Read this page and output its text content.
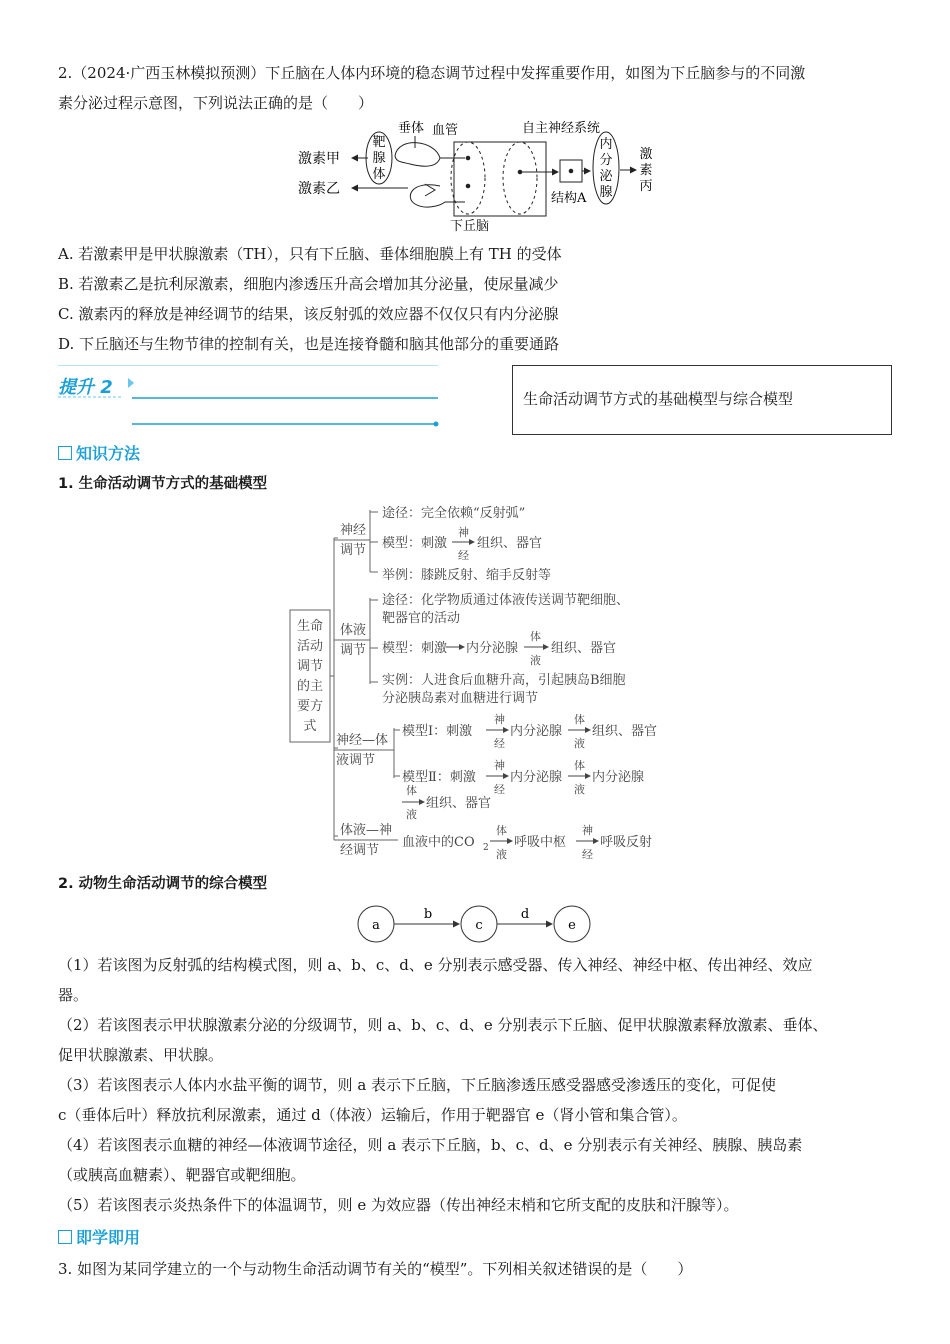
2.（2024·广西玉林模拟预测）下丘脑在人体内环境的稳态调节过程中发挥重要作用，如图为下丘脑参与的不同激
素分泌过程示意图，下列说法正确的是（　　）
激素甲
激素乙
靶
腺
体
垂体 血管	自主神经系统
下丘脑
结构A
内
分
泌
腺
激
素
丙
A. 若激素甲是甲状腺激素（TH），只有下丘脑、垂体细胞膜上有 TH 的受体
B. 若激素乙是抗利尿激素，细胞内渗透压升高会增加其分泌量，使尿量减少
C. 激素丙的释放是神经调节的结果，该反射弧的效应器不仅仅只有内分泌腺
D. 下丘脑还与生物节律的控制有关，也是连接脊髓和脑其他部分的重要通路
提升 2
生命活动调节方式的基础模型与综合模型
知识方法
1. 生命活动调节方式的基础模型
生命
活动
调节
的主
要方
式
神经
调节
途径：完全依赖“反射弧”
模型：刺激
神
经
组织、器官
举例：膝跳反射、缩手反射等
体液
调节
途径：化学物质通过体液传送调节靶细胞、
靶器官的活动
模型：刺激 内分泌腺
体
液
组织、器官
实例：人进食后血糖升高，引起胰岛B细胞
分泌胰岛素对血糖进行调节
神经—体
液调节
模型Ⅰ：刺激
神
经
内分泌腺
体
液
组织、器官
模型Ⅱ：刺激
神
经
内分泌腺
体
液
内分泌腺
体
液
组织、器官
体液—神
经调节
血液中的CO 2
体
液
呼吸中枢
神
经
呼吸反射
2. 动物生命活动调节的综合模型
a	c	e
b	d
（1）若该图为反射弧的结构模式图，则 a、b、c、d、e 分别表示感受器、传入神经、神经中枢、传出神经、效应
器。
（2）若该图表示甲状腺激素分泌的分级调节，则 a、b、c、d、e 分别表示下丘脑、促甲状腺激素释放激素、垂体、
促甲状腺激素、甲状腺。
（3）若该图表示人体内水盐平衡的调节，则 a 表示下丘脑，下丘脑渗透压感受器感受渗透压的变化，可促使
c（垂体后叶）释放抗利尿激素，通过 d（体液）运输后，作用于靶器官 e（肾小管和集合管）。
（4）若该图表示血糖的神经—体液调节途径，则 a 表示下丘脑，b、c、d、e 分别表示有关神经、胰腺、胰岛素
（或胰高血糖素）、靶器官或靶细胞。
（5）若该图表示炎热条件下的体温调节，则 e 为效应器（传出神经末梢和它所支配的皮肤和汗腺等）。
即学即用
3. 如图为某同学建立的一个与动物生命活动调节有关的“模型”。下列相关叙述错误的是（　　）
